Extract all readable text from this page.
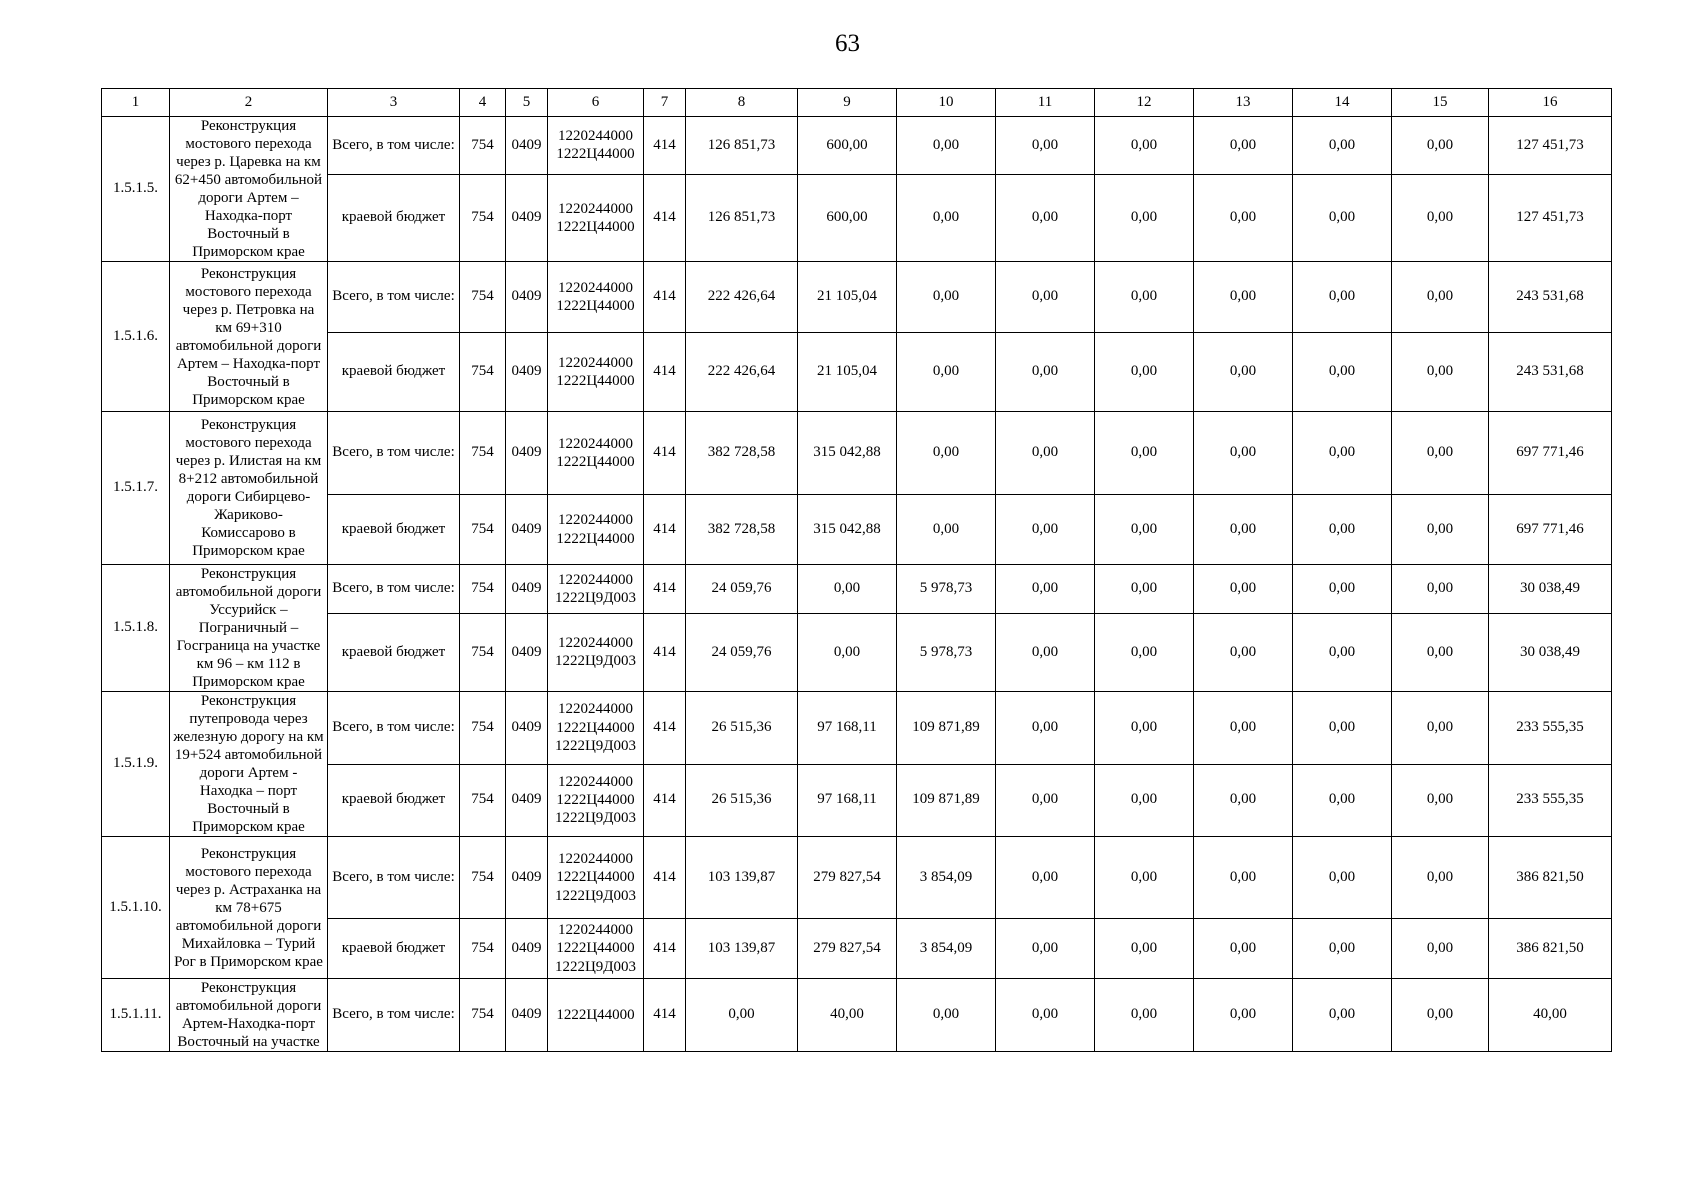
63
1	2	3	4	5	6	7	8	9	10	11	12	13	14	15	16
1.5.1.5.	Реконструкция мостового перехода через р. Царевка на км 62+450 автомобильной дороги Артем – Находка-порт Восточный в Приморском крае	Всего, в том числе:	754	0409	1220244000
1222Ц44000	414	126 851,73	600,00	0,00	0,00	0,00	0,00	0,00	0,00	127 451,73
		краевой бюджет	754	0409	1220244000
1222Ц44000	414	126 851,73	600,00	0,00	0,00	0,00	0,00	0,00	0,00	127 451,73
1.5.1.6.	Реконструкция мостового перехода через р. Петровка на км 69+310 автомобильной дороги Артем – Находка-порт Восточный в Приморском крае	Всего, в том числе:	754	0409	1220244000
1222Ц44000	414	222 426,64	21 105,04	0,00	0,00	0,00	0,00	0,00	0,00	243 531,68
		краевой бюджет	754	0409	1220244000
1222Ц44000	414	222 426,64	21 105,04	0,00	0,00	0,00	0,00	0,00	0,00	243 531,68
1.5.1.7.	Реконструкция мостового перехода через р. Илистая на км 8+212 автомобильной дороги Сибирцево-Жариково-Комиссарово в Приморском крае	Всего, в том числе:	754	0409	1220244000
1222Ц44000	414	382 728,58	315 042,88	0,00	0,00	0,00	0,00	0,00	0,00	697 771,46
		краевой бюджет	754	0409	1220244000
1222Ц44000	414	382 728,58	315 042,88	0,00	0,00	0,00	0,00	0,00	0,00	697 771,46
1.5.1.8.	Реконструкция автомобильной дороги Уссурийск – Пограничный – Госграница на участке км 96 – км 112 в Приморском крае	Всего, в том числе:	754	0409	1220244000
1222Ц9Д003	414	24 059,76	0,00	5 978,73	0,00	0,00	0,00	0,00	0,00	30 038,49
		краевой бюджет	754	0409	1220244000
1222Ц9Д003	414	24 059,76	0,00	5 978,73	0,00	0,00	0,00	0,00	0,00	30 038,49
1.5.1.9.	Реконструкция путепровода через железную дорогу на км 19+524 автомобильной дороги Артем - Находка – порт Восточный в Приморском крае	Всего, в том числе:	754	0409	1220244000
1222Ц44000
1222Ц9Д003	414	26 515,36	97 168,11	109 871,89	0,00	0,00	0,00	0,00	0,00	233 555,35
		краевой бюджет	754	0409	1220244000
1222Ц44000
1222Ц9Д003	414	26 515,36	97 168,11	109 871,89	0,00	0,00	0,00	0,00	0,00	233 555,35
1.5.1.10.	Реконструкция мостового перехода через р. Астраханка на км 78+675 автомобильной дороги Михайловка – Турий Рог в Приморском крае	Всего, в том числе:	754	0409	1220244000
1222Ц44000
1222Ц9Д003	414	103 139,87	279 827,54	3 854,09	0,00	0,00	0,00	0,00	0,00	386 821,50
		краевой бюджет	754	0409	1220244000
1222Ц44000
1222Ц9Д003	414	103 139,87	279 827,54	3 854,09	0,00	0,00	0,00	0,00	0,00	386 821,50
1.5.1.11.	Реконструкция автомобильной дороги Артем-Находка-порт Восточный на участке	Всего, в том числе:	754	0409	1222Ц44000	414	0,00	40,00	0,00	0,00	0,00	0,00	0,00	0,00	40,00
